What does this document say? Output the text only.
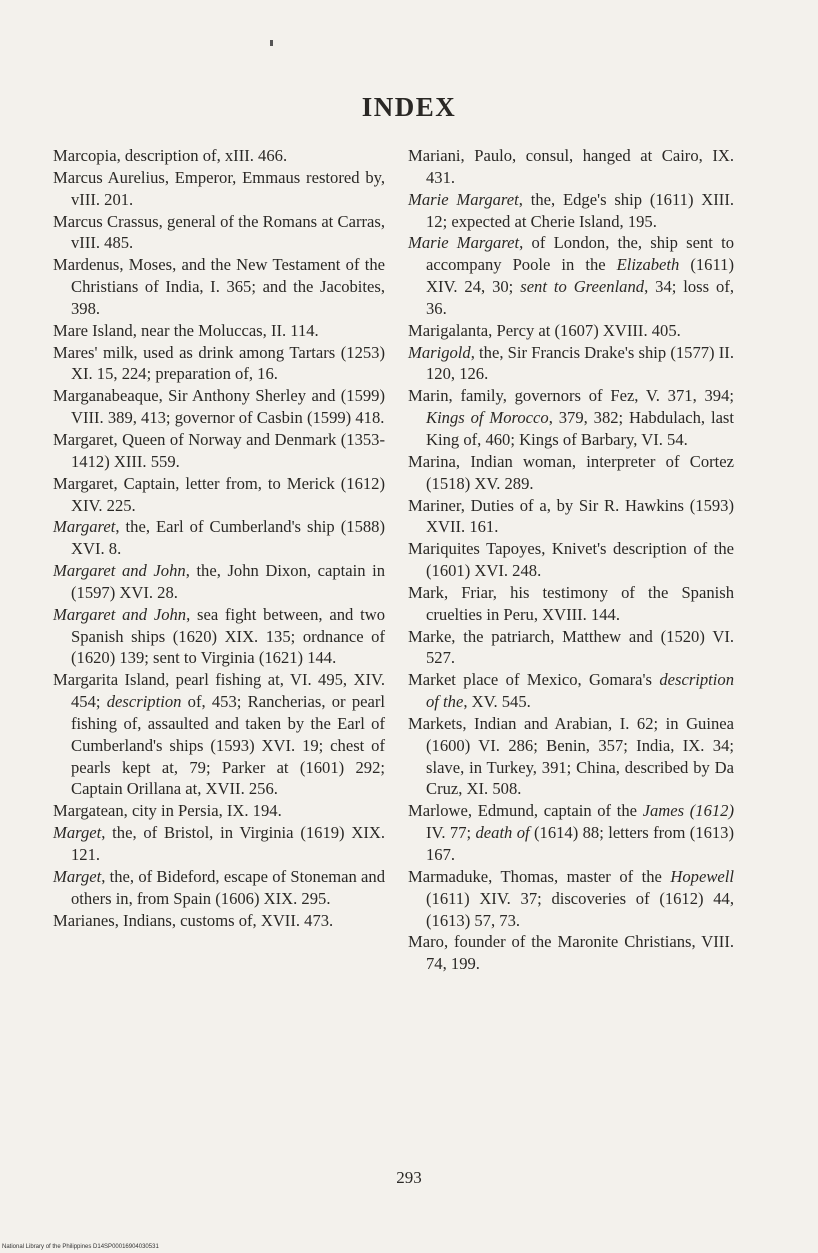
INDEX
Marcopia, description of, xIII. 466.
Marcus Aurelius, Emperor, Emmaus restored by, vIII. 201.
Marcus Crassus, general of the Romans at Carras, vIII. 485.
Mardenus, Moses, and the New Testament of the Christians of India, I. 365; and the Jacobites, 398.
Mare Island, near the Moluccas, II. 114.
Mares' milk, used as drink among Tartars (1253) XI. 15, 224; preparation of, 16.
Marganabeaque, Sir Anthony Sherley and (1599) VIII. 389, 413; governor of Casbin (1599) 418.
Margaret, Queen of Norway and Denmark (1353-1412) XIII. 559.
Margaret, Captain, letter from, to Merick (1612) XIV. 225.
Margaret, the, Earl of Cumberland's ship (1588) XVI. 8.
Margaret and John, the, John Dixon, captain in (1597) XVI. 28.
Margaret and John, sea fight between, and two Spanish ships (1620) XIX. 135; ordnance of (1620) 139; sent to Virginia (1621) 144.
Margarita Island, pearl fishing at, VI. 495, XIV. 454; description of, 453; Rancherias, or pearl fishing of, assaulted and taken by the Earl of Cumberland's ships (1593) XVI. 19; chest of pearls kept at, 79; Parker at (1601) 292; Captain Orillana at, XVII. 256.
Margatean, city in Persia, IX. 194.
Marget, the, of Bristol, in Virginia (1619) XIX. 121.
Marget, the, of Bideford, escape of Stoneman and others in, from Spain (1606) XIX. 295.
Marianes, Indians, customs of, XVII. 473.
Mariani, Paulo, consul, hanged at Cairo, IX. 431.
Marie Margaret, the, Edge's ship (1611) XIII. 12; expected at Cherie Island, 195.
Marie Margaret, of London, the, ship sent to accompany Poole in the Elizabeth (1611) XIV. 24, 30; sent to Greenland, 34; loss of, 36.
Marigalanta, Percy at (1607) XVIII. 405.
Marigold, the, Sir Francis Drake's ship (1577) II. 120, 126.
Marin, family, governors of Fez, V. 371, 394; Kings of Morocco, 379, 382; Habdulach, last King of, 460; Kings of Barbary, VI. 54.
Marina, Indian woman, interpreter of Cortez (1518) XV. 289.
Mariner, Duties of a, by Sir R. Hawkins (1593) XVII. 161.
Mariquites Tapoyes, Knivet's description of the (1601) XVI. 248.
Mark, Friar, his testimony of the Spanish cruelties in Peru, XVIII. 144.
Marke, the patriarch, Matthew and (1520) VI. 527.
Market place of Mexico, Gomara's description of the, XV. 545.
Markets, Indian and Arabian, I. 62; in Guinea (1600) VI. 286; Benin, 357; India, IX. 34; slave, in Turkey, 391; China, described by Da Cruz, XI. 508.
Marlowe, Edmund, captain of the James (1612) IV. 77; death of (1614) 88; letters from (1613) 167.
Marmaduke, Thomas, master of the Hopewell (1611) XIV. 37; discoveries of (1612) 44, (1613) 57, 73.
Maro, founder of the Maronite Christians, VIII. 74, 199.
293
National Library of the Philippines D14SP00016904030531
